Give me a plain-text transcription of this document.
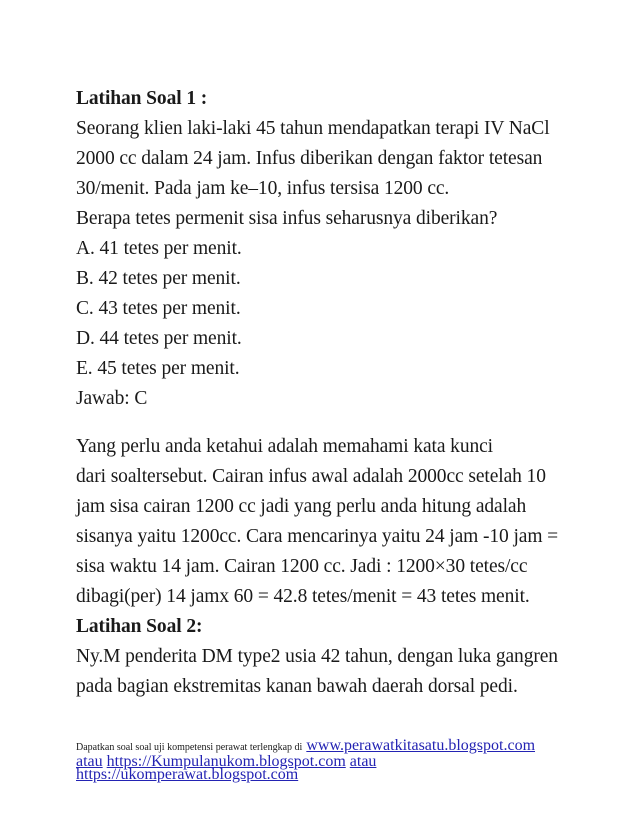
Latihan Soal 1 :
Seorang klien laki-laki 45 tahun mendapatkan terapi IV NaCl
2000 cc dalam 24 jam. Infus diberikan dengan faktor tetesan
30/menit. Pada jam ke–10, infus tersisa 1200 cc.
Berapa tetes permenit sisa infus seharusnya diberikan?
A. 41 tetes per menit.
B. 42 tetes per menit.
C. 43 tetes per menit.
D. 44 tetes per menit.
E. 45 tetes per menit.
Jawab: C
Yang perlu anda ketahui adalah memahami kata kunci
dari soaltersebut. Cairan infus awal adalah 2000cc setelah 10
jam sisa cairan 1200 cc jadi yang perlu anda hitung adalah
sisanya yaitu 1200cc. Cara mencarinya yaitu 24 jam -10 jam =
sisa waktu 14 jam. Cairan 1200 cc. Jadi : 1200×30 tetes/cc
dibagi(per) 14 jamx 60 = 42.8 tetes/menit = 43 tetes menit.
Latihan Soal 2:
Ny.M penderita DM type2 usia 42 tahun, dengan luka gangren
pada bagian ekstremitas kanan bawah daerah dorsal pedi.
Dapatkan soal soal uji kompetensi perawat terlengkap di www.perawatkitasatu.blogspot.com
atau https://Kumpulanukom.blogspot.com atau
https://ukomperawat.blogspot.com
